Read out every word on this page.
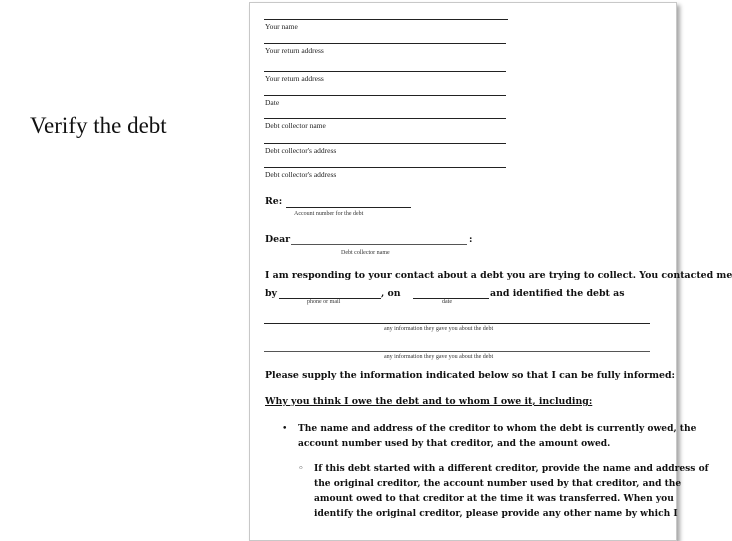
Verify the debt
Your name
Your return address
Your return address
Date
Debt collector name
Debt collector's address
Debt collector's address
Re:
Account number for the debt
Dear	:
Debt collector name
I am responding to your contact about a debt you are trying to collect. You contacted me
by	, on	and identified the debt as
phone or mail	date
any information they gave you about the debt
any information they gave you about the debt
Please supply the information indicated below so that I can be fully informed:
Why you think I owe the debt and to whom I owe it, including:
• The name and address of the creditor to whom the debt is currently owed, the
account number used by that creditor, and the amount owed.
◦ If this debt started with a different creditor, provide the name and address of
the original creditor, the account number used by that creditor, and the
amount owed to that creditor at the time it was transferred. When you
identify the original creditor, please provide any other name by which I
